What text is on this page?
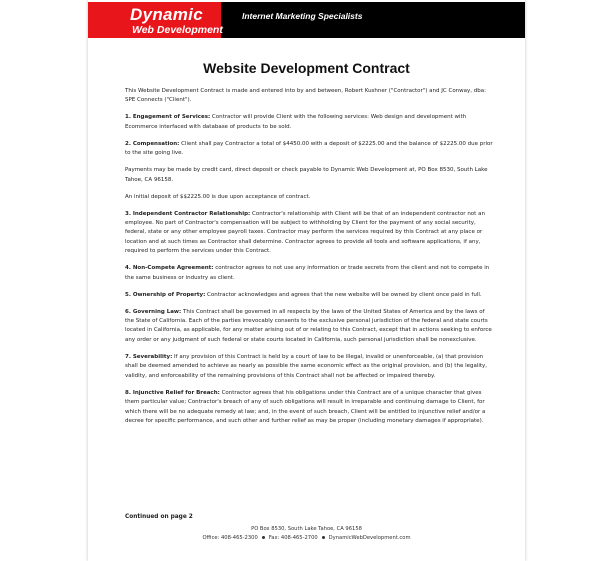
Dynamic
Web Development
Internet Marketing Specialists
Website Development Contract

This Website Development Contract is made and entered into by and between, Robert Kushner ("Contractor") and JC Conway, dba: SPE Connects ("Client").

1. Engagement of Services: Contractor will provide Client with the following services: Web design and development with Ecommerce interfaced with database of products to be sold.

2. Compensation: Client shall pay Contractor a total of $4450.00 with a deposit of $2225.00 and the balance of $2225.00 due prior to the site going live.

Payments may be made by credit card, direct deposit or check payable to Dynamic Web Development at, PO Box 8530, South Lake Tahoe, CA 96158.

An initial deposit of $$2225.00 is due upon acceptance of contract.

3. Independent Contractor Relationship: Contractor's relationship with Client will be that of an independent contractor not an employee. No part of Contractor's compensation will be subject to withholding by Client for the payment of any social security, federal, state or any other employee payroll taxes. Contractor may perform the services required by this Contract at any place or location and at such times as Contractor shall determine. Contractor agrees to provide all tools and software applications, if any, required to perform the services under this Contract.

4. Non-Compete Agreement: contractor agrees to not use any information or trade secrets from the client and not to compete in the same business or industry as client.

5. Ownership of Property: Contractor acknowledges and agrees that the new website will be owned by client once paid in full.

6. Governing Law: This Contract shall be governed in all respects by the laws of the United States of America and by the laws of the State of California. Each of the parties irrevocably consents to the exclusive personal jurisdiction of the federal and state courts located in California, as applicable, for any matter arising out of or relating to this Contract, except that in actions seeking to enforce any order or any judgment of such federal or state courts located in California, such personal jurisdiction shall be nonexclusive.

7. Severability: If any provision of this Contract is held by a court of law to be illegal, invalid or unenforceable, (a) that provision shall be deemed amended to achieve as nearly as possible the same economic effect as the original provision, and (b) the legality, validity, and enforceability of the remaining provisions of this Contract shall not be affected or impaired thereby.

8. Injunctive Relief for Breach: Contractor agrees that his obligations under this Contract are of a unique character that gives them particular value; Contractor's breach of any of such obligations will result in irreparable and continuing damage to Client, for which there will be no adequate remedy at law; and, in the event of such breach, Client will be entitled to injunctive relief and/or a decree for specific performance, and such other and further relief as may be proper (including monetary damages if appropriate).

Continued on page 2
PO Box 8530, South Lake Tahoe, CA 96158
Office: 408-465-2300 Fax: 408-465-2700 DynamicWebDevelopment.com
